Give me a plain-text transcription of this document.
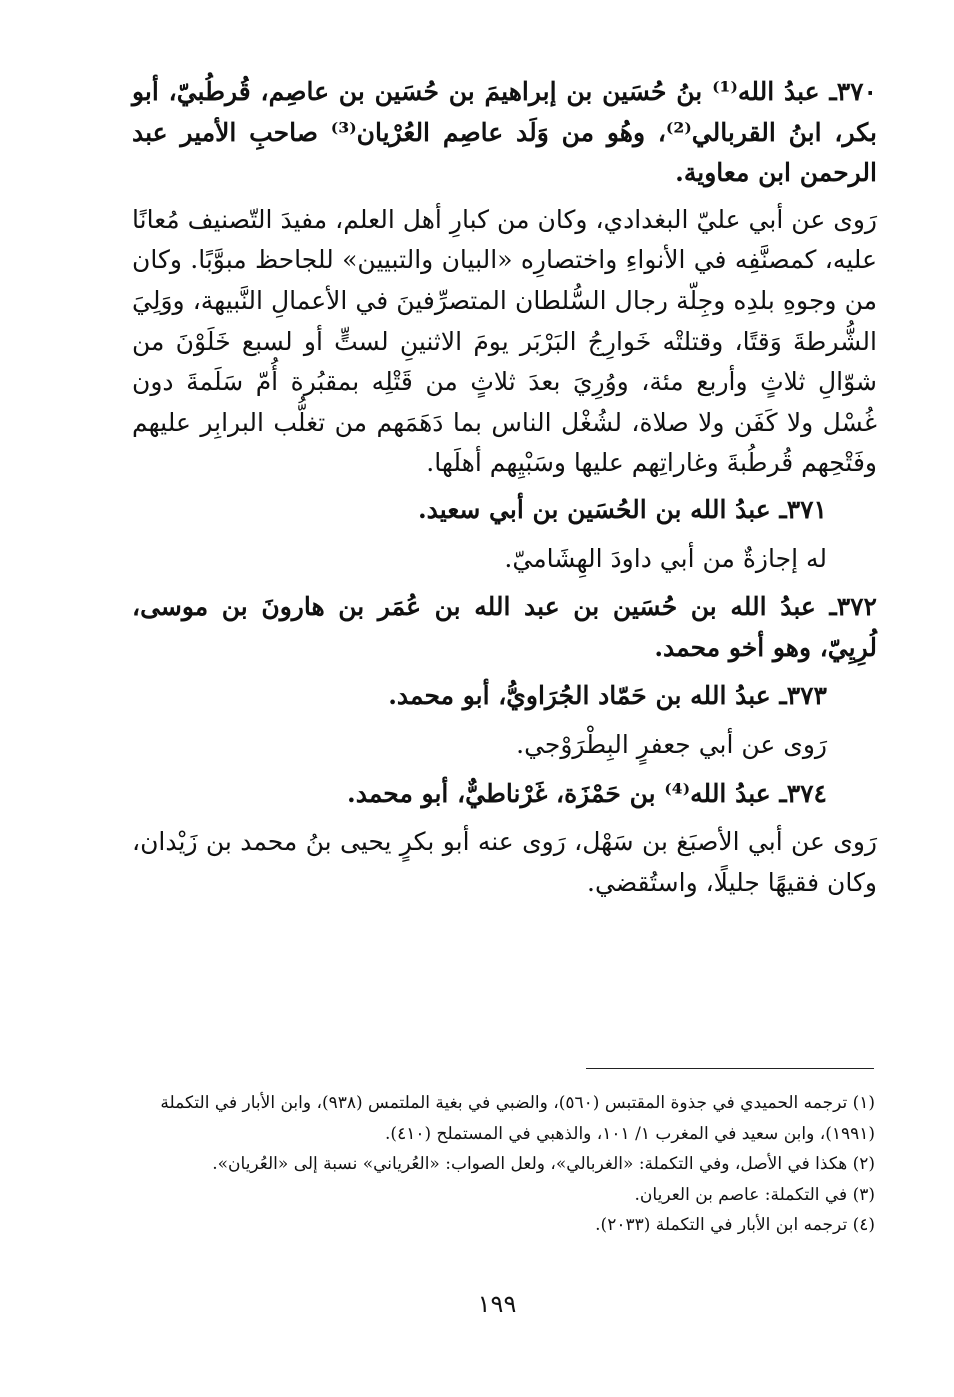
٣٧٠ـ عبدُ الله⁽¹⁾ بنُ حُسَين بن إبراهيمَ بن حُسَين بن عاصِم، قُرطُبيّ، أبو بكر، ابنُ القربالي⁽²⁾، وهُو من وَلَد عاصِم العُرْيان⁽³⁾ صاحبِ الأمير عبد الرحمن ابن معاوية.

رَوى عن أبي عليّ البغدادي، وكان من كبارِ أهل العلم، مفيدَ التّصنيف مُعانًا عليه، كمصنَّفِه في الأنواءِ واختصارِه «البيان والتبيين» للجاحظ مبوَّبًا. وكان من وجوهِ بلدِه وجِلّة رجال السُّلطان المتصرِّفينَ في الأعمالِ النَّبيهة، ووَلِيَ الشُّرطةَ وَقتًا، وقتلتْه خَوارِجُ البَرْبَر يومَ الاثنينِ لستٍّ أو لسبع خَلَوْنَ من شوّالِ ثلاثٍ وأربع مئة، ووُرِيَ بعدَ ثلاثٍ من قَتْلِه بمقبُرة أُمّ سَلَمةَ دون غُسْل ولا كَفَن ولا صلاة، لشُغْل الناس بما دَهَمَهم من تغلُّب البرابِر عليهم وفَتْحِهم قُرطُبةَ وغاراتِهم عليها وسَبْيِهم أهلَها.

٣٧١ـ عبدُ الله بن الحُسَين بن أبي سعيد.

له إجازةٌ من أبي داودَ الهِشَاميّ.

٣٧٢ـ عبدُ الله بن حُسَين بن عبد الله بن عُمَر بن هارونَ بن موسى، لُرِيِيّ، وهو أخو محمد.

٣٧٣ـ عبدُ الله بن حَمّاد الجُرَاويُّ، أبو محمد.

رَوى عن أبي جعفرٍ البِطْرَوْجي.

٣٧٤ـ عبدُ الله⁽⁴⁾ بن حَمْزَة، غَرْناطيٌّ، أبو محمد.

رَوى عن أبي الأصبَغ بن سَهْل، رَوى عنه أبو بكرٍ يحيى بنُ محمد بن زَيْدان، وكان فقيهًا جليلًا، واستُقضي.

(١) ترجمه الحميدي في جذوة المقتبس (٥٦٠)، والضبي في بغية الملتمس (٩٣٨)، وابن الأبار في التكملة (١٩٩١)، وابن سعيد في المغرب ١/ ١٠١، والذهبي في المستملح (٤١٠).

(٢) هكذا في الأصل، وفي التكملة: «الغربالي»، ولعل الصواب: «العُرياني» نسبة إلى «العُريان».

(٣) في التكملة: عاصم بن العريان.

(٤) ترجمه ابن الأبار في التكملة (٢٠٣٣).

١٩٩
